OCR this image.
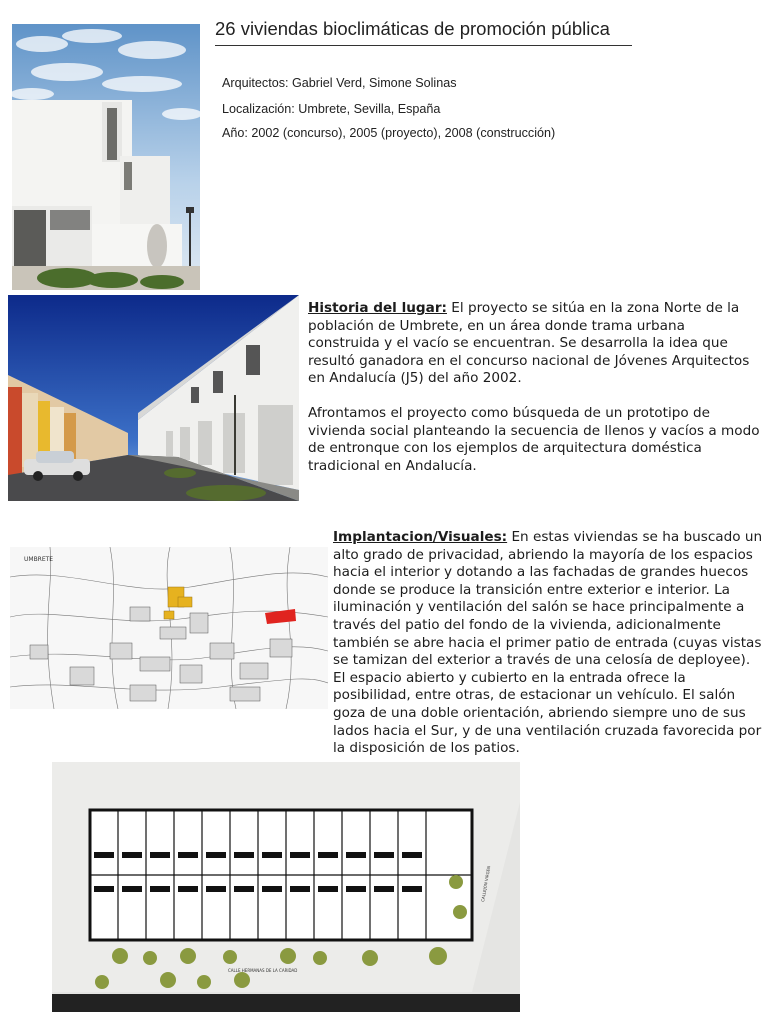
26 viviendas bioclimáticas de promoción pública
Arquitectos: Gabriel Verd, Simone Solinas
Localización: Umbrete, Sevilla, España
Año: 2002 (concurso), 2005 (proyecto), 2008 (construcción)
UMBRETE
Historia del lugar: El proyecto se sitúa en la zona Norte de la población de Umbrete, en un área donde trama urbana construida y el vacío se encuentran. Se desarrolla la idea que resultó ganadora en el concurso nacional de Jóvenes Arquitectos en Andalucía (J5) del año 2002.
Afrontamos el proyecto como búsqueda de un prototipo de vivienda social planteando la secuencia de llenos y vacíos a modo de entronque con los ejemplos de arquitectura doméstica tradicional en Andalucía.
Implantacion/Visuales: En estas viviendas se ha buscado un alto grado de privacidad, abriendo la mayoría de los espacios hacia el interior y dotando a las fachadas de grandes huecos donde se produce la transición entre exterior e interior. La iluminación y ventilación del salón se hace principalmente a través del patio del fondo de la vivienda, adicionalmente también se abre hacia el primer patio de entrada (cuyas vistas se tamizan del exterior a través de una celosía de deployee). El espacio abierto y cubierto en la entrada ofrece la posibilidad, entre otras, de estacionar un vehículo. El salón goza de una doble orientación, abriendo siempre uno de sus lados hacia el Sur, y de una ventilación cruzada favorecida por la disposición de los patios.
CALLE HERMANAS DE LA CARIDAD
CALLEJON VIRGEN
